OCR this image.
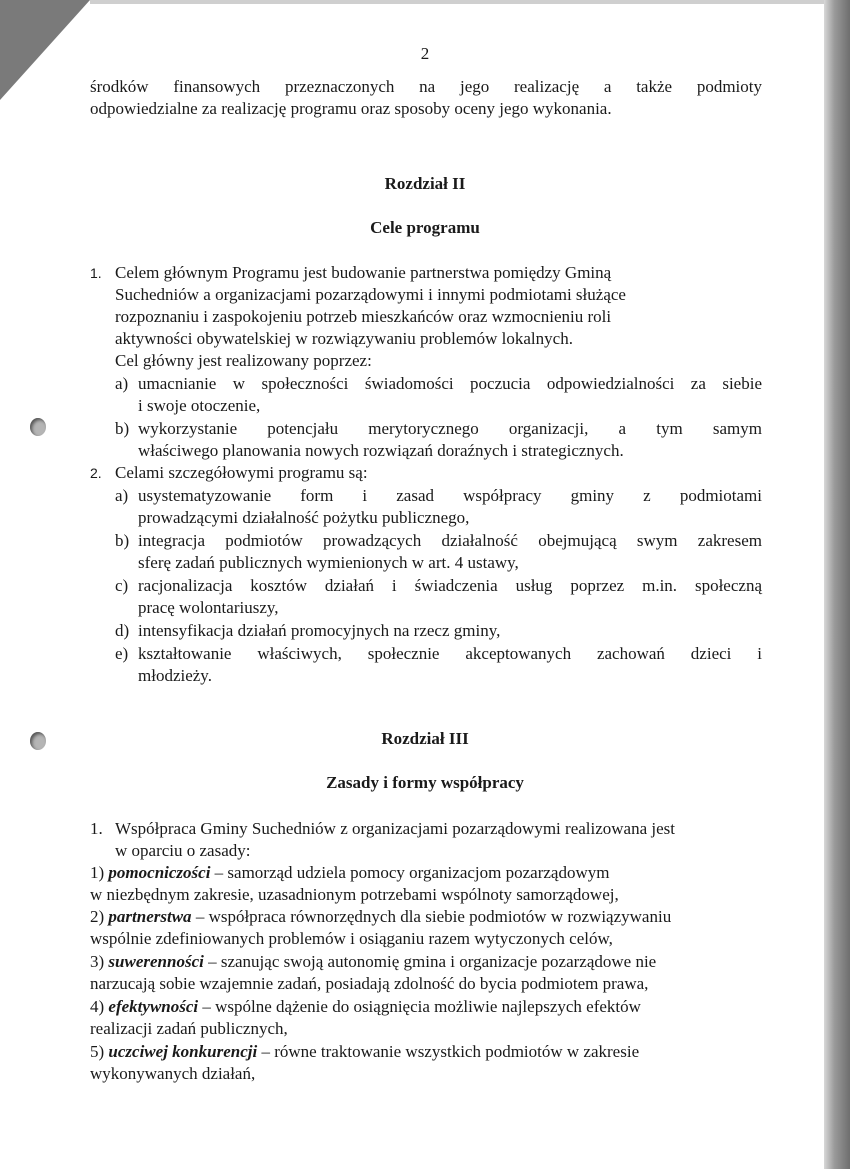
2
środków finansowych przeznaczonych na jego realizację a także podmioty
odpowiedzialne za realizację programu oraz sposoby oceny jego wykonania.
Rozdział II
Cele programu
1. Celem głównym Programu jest budowanie partnerstwa pomiędzy Gminą
Suchedniów a organizacjami pozarządowymi i innymi podmiotami służące
rozpoznaniu i zaspokojeniu potrzeb mieszkańców oraz wzmocnieniu roli
aktywności obywatelskiej w rozwiązywaniu problemów lokalnych.
Cel główny jest realizowany poprzez:
a) umacnianie w społeczności świadomości poczucia odpowiedzialności za siebie
i swoje otoczenie,
b) wykorzystanie potencjału merytorycznego organizacji, a tym samym
właściwego planowania nowych rozwiązań doraźnych i strategicznych.
2. Celami szczegółowymi programu są:
a) usystematyzowanie form i zasad współpracy gminy z podmiotami
prowadzącymi działalność pożytku publicznego,
b) integracja podmiotów prowadzących działalność obejmującą swym zakresem
sferę zadań publicznych wymienionych w art. 4 ustawy,
c) racjonalizacja kosztów działań i świadczenia usług poprzez m.in. społeczną
pracę wolontariuszy,
d) intensyfikacja działań promocyjnych na rzecz gminy,
e) kształtowanie właściwych, społecznie akceptowanych zachowań dzieci i
młodzieży.
Rozdział III
Zasady i formy współpracy
1. Współpraca Gminy Suchedniów z organizacjami pozarządowymi realizowana jest
w oparciu o zasady:
1) pomocniczości – samorząd udziela pomocy organizacjom pozarządowym
w niezbędnym zakresie, uzasadnionym potrzebami wspólnoty samorządowej,
2) partnerstwa – współpraca równorzędnych dla siebie podmiotów w rozwiązywaniu
wspólnie zdefiniowanych problemów i osiąganiu razem wytyczonych celów,
3) suwerenności – szanując swoją autonomię gmina i organizacje pozarządowe nie
narzucają sobie wzajemnie zadań, posiadają zdolność do bycia podmiotem prawa,
4) efektywności – wspólne dążenie do osiągnięcia możliwie najlepszych efektów
realizacji zadań publicznych,
5) uczciwej konkurencji – równe traktowanie wszystkich podmiotów w zakresie
wykonywanych działań,
